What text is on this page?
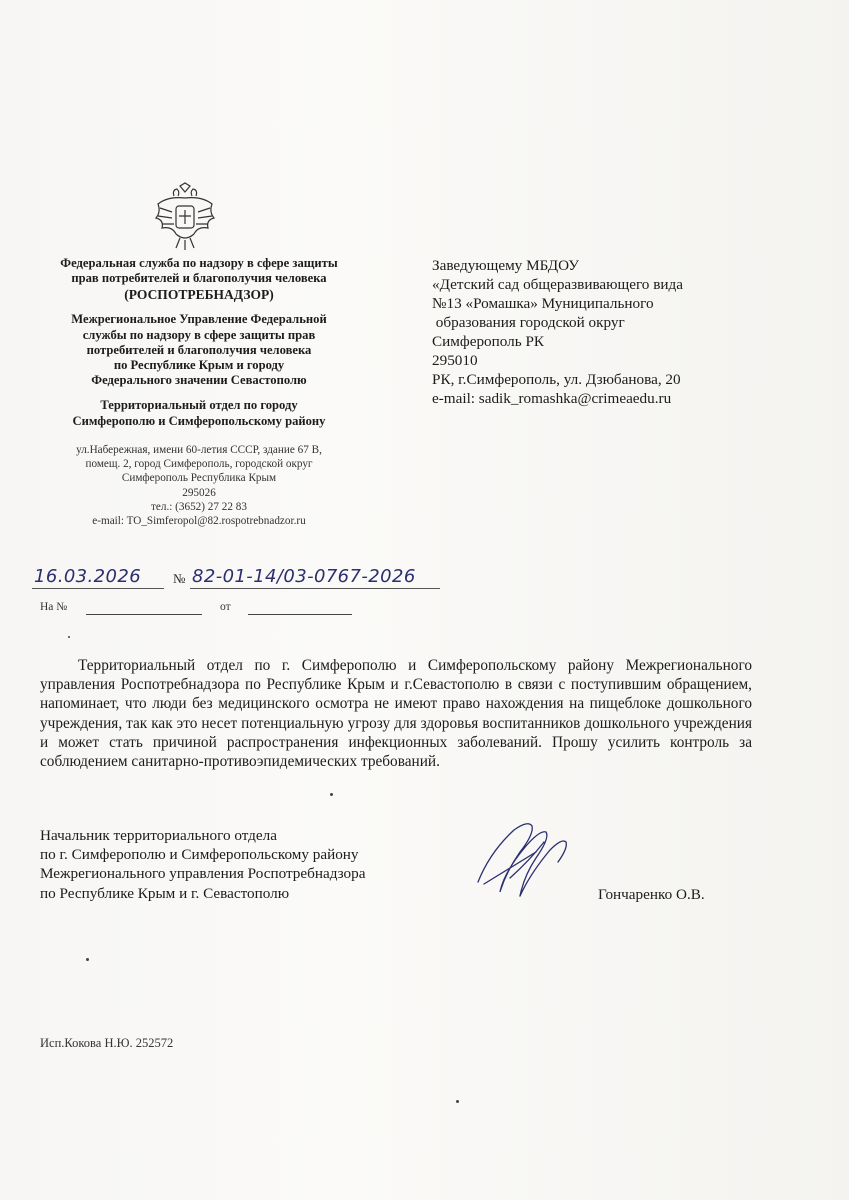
Федеральная служба по надзору в сфере защиты
прав потребителей и благополучия человека
(РОСПОТРЕБНАДЗОР)
Межрегиональное Управление Федеральной
службы по надзору в сфере защиты прав
потребителей и благополучия человека
по Республике Крым и городу
Федерального значении Севастополю
Территориальный отдел по городу
Симферополю и Симферопольскому району
ул.Набережная, имени 60-летия СССР, здание 67 В,
помещ. 2, город Симферополь, городской округ
Симферополь Республика Крым
295026
тел.: (3652) 27 22 83
e-mail: TO_Simferopol@82.rospotrebnadzor.ru
Заведующему МБДОУ
«Детский сад общеразвивающего вида
№13 «Ромашка» Муниципального
образования городской округ
Симферополь РК
295010
РК, г.Симферополь, ул. Дзюбанова, 20
e-mail: sadik_romashka@crimeaedu.ru
16.03.2026 № 82-01-14/03-0767-2026
На №	от
Территориальный отдел по г. Симферополю и Симферопольскому району Межрегионального управления Роспотребнадзора по Республике Крым и г.Севастополю в связи с поступившим обращением, напоминает, что люди без медицинского осмотра не имеют право нахождения на пищеблоке дошкольного учреждения, так как это несет потенциальную угрозу для здоровья воспитанников дошкольного учреждения и может стать причиной распространения инфекционных заболеваний. Прошу усилить контроль за соблюдением санитарно-противоэпидемических требований.
Начальник территориального отдела
по г. Симферополю и Симферопольскому району
Межрегионального управления Роспотребнадзора
по Республике Крым и г. Севастополю	Гончаренко О.В.
Исп.Кокова Н.Ю. 252572
